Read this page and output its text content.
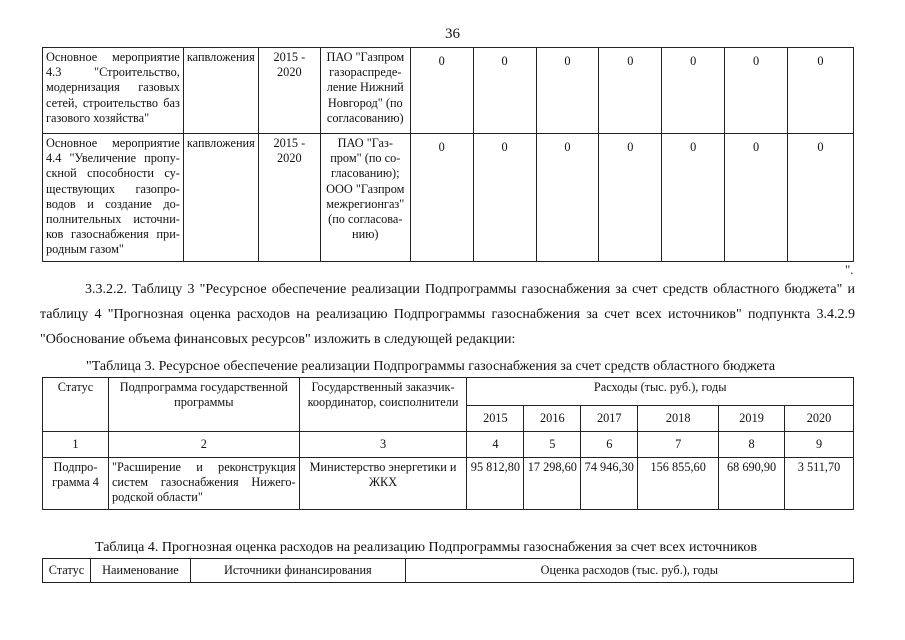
36
Основное мероприятие 4.3 "Строительство, модернизация газовых сетей, строительство баз газового хозяйства"	капвложения	2015 - 2020	ПАО "Газпром газораспреде-ление Нижний Новгород" (по согласованию)	0	0	0	0	0	0	0
Основное мероприятие 4.4 "Увеличение пропу-скной способности су-ществующих газопро-водов и создание до-полнительных источни-ков газоснабжения при-родным газом"	капвложения	2015 - 2020	ПАО "Газ-пром" (по со-гласованию); ООО "Газпром межрегионгаз" (по согласова-нию)	0	0	0	0	0	0	0
".
3.3.2.2. Таблицу 3 "Ресурсное обеспечение реализации Подпрограммы газоснабжения за счет средств областного бюджета" и таблицу 4 "Прогнозная оценка расходов на реализацию Подпрограммы газоснабжения за счет всех источников" подпункта 3.4.2.9 "Обоснование объема финансовых ресурсов" изложить в следующей редакции:
"Таблица 3. Ресурсное обеспечение реализации Подпрограммы газоснабжения за счет средств областного бюджета
Статус	Подпрограмма государственной программы	Государственный заказчик-координатор, соисполнители	Расходы (тыс. руб.), годы					
			2015	2016	2017	2018	2019	2020
1	2	3	4	5	6	7	8	9
Подпро-грамма 4	"Расширение и реконструкция систем газоснабжения Нижего-родской области"	Министерство энергетики и ЖКХ	95 812,80	17 298,60	74 946,30	156 855,60	68 690,90	3 511,70
Таблица 4. Прогнозная оценка расходов на реализацию Подпрограммы газоснабжения за счет всех источников
Статус	Наименование	Источники финансирования	Оценка расходов (тыс. руб.), годы
